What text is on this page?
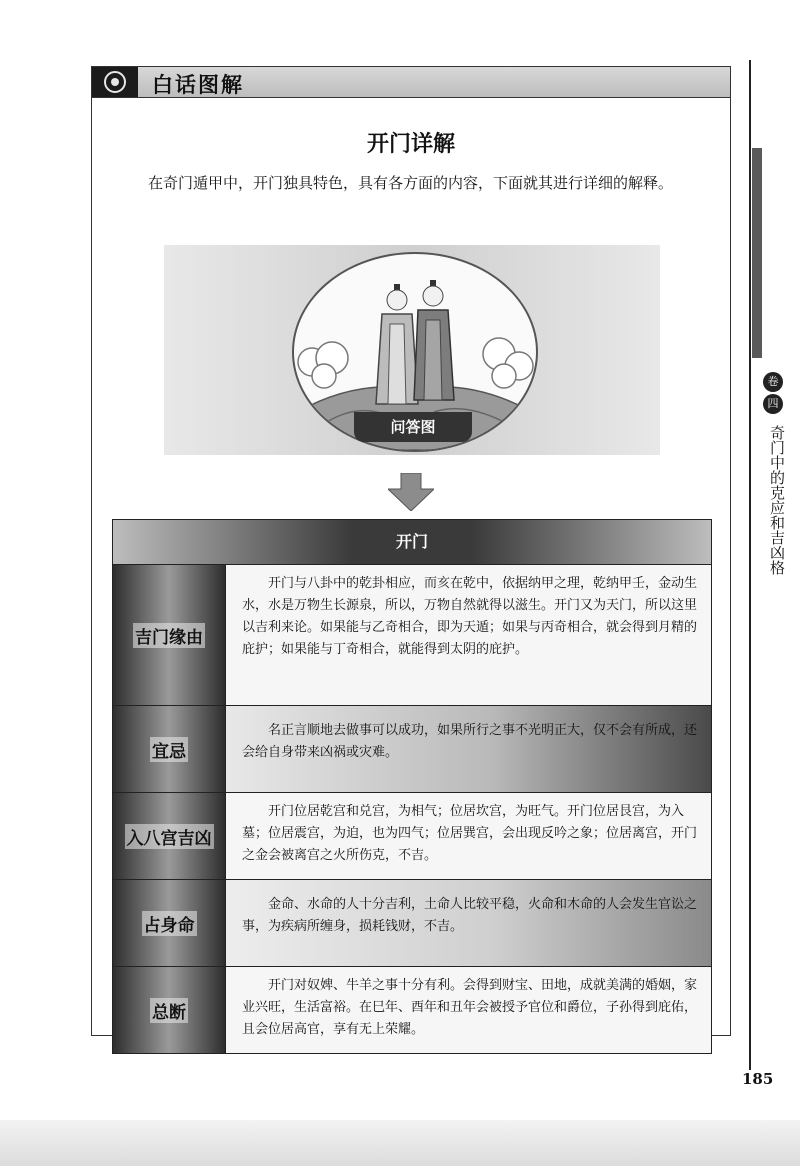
白话图解
开门详解
在奇门遁甲中，开门独具特色，具有各方面的内容，下面就其进行详细的解释。
问答图
开门
吉门缘由
开门与八卦中的乾卦相应，而亥在乾中，依据纳甲之理，乾纳甲壬，金动生水，水是万物生长源泉，所以，万物自然就得以滋生。开门又为天门，所以这里以吉利来论。如果能与乙奇相合，即为天遁；如果与丙奇相合，就会得到月精的庇护；如果能与丁奇相合，就能得到太阴的庇护。
宜忌
名正言顺地去做事可以成功，如果所行之事不光明正大，仅不会有所成，还会给自身带来凶祸或灾难。
入八宫吉凶
开门位居乾宫和兑宫，为相气；位居坎宫，为旺气。开门位居艮宫，为入墓；位居震宫，为迫，也为四气；位居巽宫，会出现反吟之象；位居离宫，开门之金会被离宫之火所伤克，不吉。
占身命
金命、水命的人十分吉利，土命人比较平稳，火命和木命的人会发生官讼之事，为疾病所缠身，损耗钱财，不吉。
总断
开门对奴婢、牛羊之事十分有利。会得到财宝、田地，成就美满的婚姻，家业兴旺，生活富裕。在巳年、酉年和丑年会被授予官位和爵位，子孙得到庇佑，且会位居高官，享有无上荣耀。
卷
四
奇门中的克应和吉凶格
185
